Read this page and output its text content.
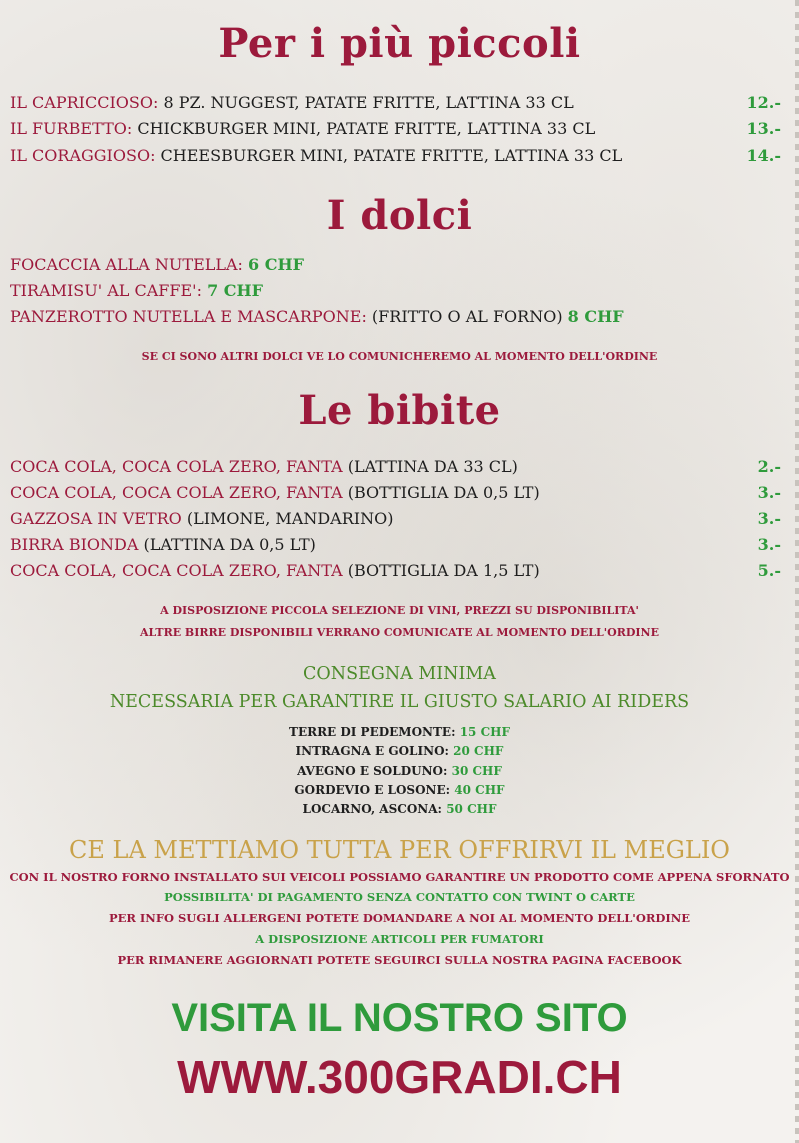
Per i più piccoli
IL CAPRICCIOSO: 8 PZ. NUGGEST, PATATE FRITTE, LATTINA 33 CL	12.-
IL FURBETTO: CHICKBURGER MINI, PATATE FRITTE, LATTINA 33 CL	13.-
IL CORAGGIOSO: CHEESBURGER MINI, PATATE FRITTE, LATTINA 33 CL	14.-
I dolci
FOCACCIA ALLA NUTELLA: 6 CHF
TIRAMISU' AL CAFFE': 7 CHF
PANZEROTTO NUTELLA E MASCARPONE: (FRITTO O AL FORNO) 8 CHF
SE CI SONO ALTRI DOLCI VE LO COMUNICHEREMO AL MOMENTO DELL'ORDINE
Le bibite
COCA COLA, COCA COLA ZERO, FANTA (LATTINA DA 33 CL)	2.-
COCA COLA, COCA COLA ZERO, FANTA (BOTTIGLIA DA 0,5 LT)	3.-
GAZZOSA IN VETRO (LIMONE, MANDARINO)	3.-
BIRRA BIONDA (LATTINA DA 0,5 LT)	3.-
COCA COLA, COCA COLA ZERO, FANTA (BOTTIGLIA DA 1,5 LT)	5.-
A DISPOSIZIONE PICCOLA SELEZIONE DI VINI, PREZZI SU DISPONIBILITA'
ALTRE BIRRE DISPONIBILI VERRANO COMUNICATE AL MOMENTO DELL'ORDINE
CONSEGNA MINIMA
NECESSARIA PER GARANTIRE IL GIUSTO SALARIO AI RIDERS
TERRE DI PEDEMONTE: 15 CHF
INTRAGNA E GOLINO: 20 CHF
AVEGNO E SOLDUNO: 30 CHF
GORDEVIO E LOSONE: 40 CHF
LOCARNO, ASCONA: 50 CHF
CE LA METTIAMO TUTTA PER OFFRIRVI IL MEGLIO
CON IL NOSTRO FORNO INSTALLATO SUI VEICOLI POSSIAMO GARANTIRE UN PRODOTTO COME APPENA SFORNATO
POSSIBILITA' DI PAGAMENTO SENZA CONTATTO CON TWINT O CARTE
PER INFO SUGLI ALLERGENI POTETE DOMANDARE A NOI AL MOMENTO DELL'ORDINE
A DISPOSIZIONE ARTICOLI PER FUMATORI
PER RIMANERE AGGIORNATI POTETE SEGUIRCI SULLA NOSTRA PAGINA FACEBOOK
VISITA IL NOSTRO SITO
WWW.300GRADI.CH
